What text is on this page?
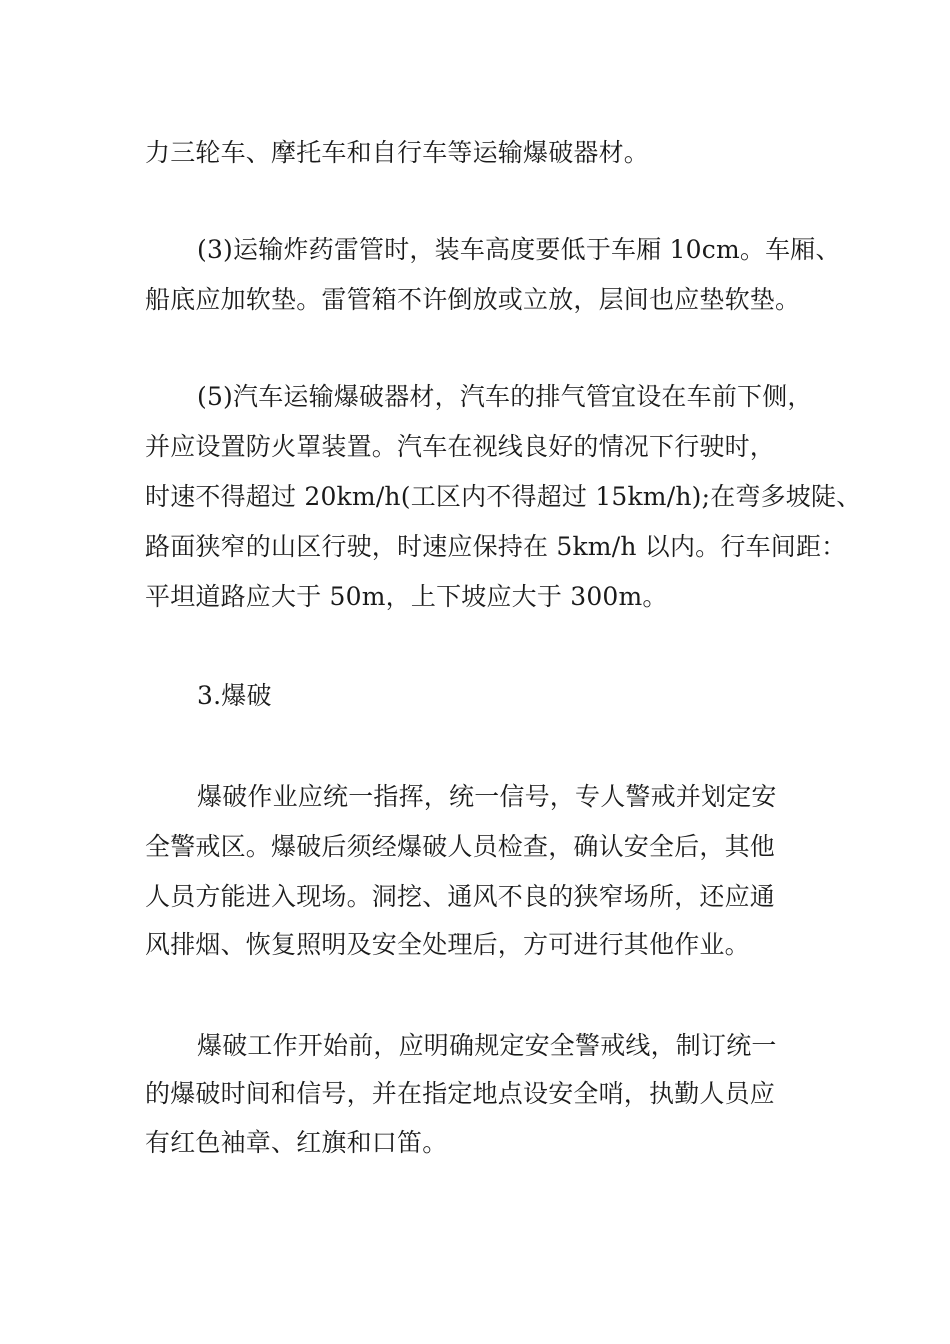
力三轮车、摩托车和自行车等运输爆破器材。
(3)运输炸药雷管时，装车高度要低于车厢 10cm。车厢、
船底应加软垫。雷管箱不许倒放或立放，层间也应垫软垫。
(5)汽车运输爆破器材，汽车的排气管宜设在车前下侧，
并应设置防火罩装置。汽车在视线良好的情况下行驶时，
时速不得超过 20km/h(工区内不得超过 15km/h);在弯多坡陡、
路面狭窄的山区行驶，时速应保持在 5km/h 以内。行车间距：
平坦道路应大于 50m，上下坡应大于 300m。
3.爆破
爆破作业应统一指挥，统一信号，专人警戒并划定安
全警戒区。爆破后须经爆破人员检查，确认安全后，其他
人员方能进入现场。洞挖、通风不良的狭窄场所，还应通
风排烟、恢复照明及安全处理后，方可进行其他作业。
爆破工作开始前，应明确规定安全警戒线，制订统一
的爆破时间和信号，并在指定地点设安全哨，执勤人员应
有红色袖章、红旗和口笛。
